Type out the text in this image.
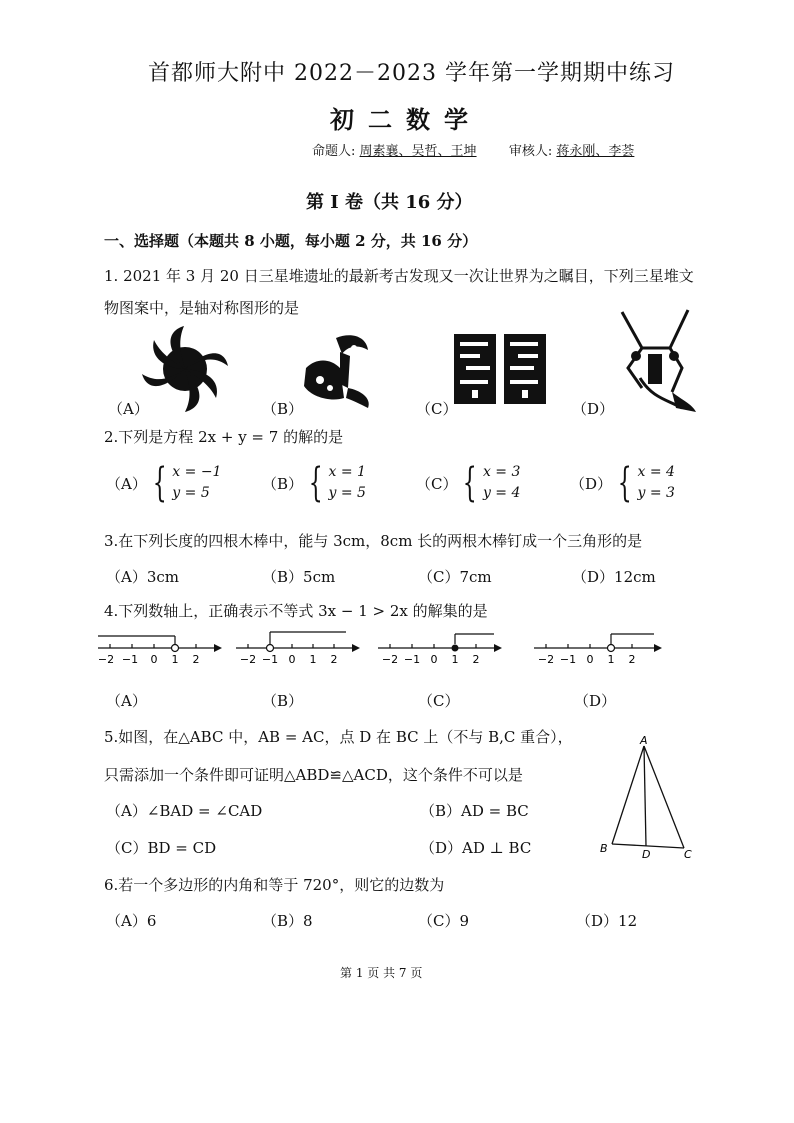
首都师大附中 2022－2023 学年第一学期期中练习
初二数学
命题人: 周素襄、吴哲、王坤 审核人: 蒋永刚、李荟
第 I 卷（共 16 分）
一、选择题（本题共 8 小题，每小题 2 分，共 16 分）
1. 2021 年 3 月 20 日三星堆遗址的最新考古发现又一次让世界为之瞩目，下列三星堆文
物图案中，是轴对称图形的是
（A）	（B）	（C）	（D）
2.下列是方程 2x + y = 7 的解的是
（A） { x = −1
y = 5
（B） { x = 1
y = 5
（C） { x = 3
y = 4
（D） { x = 4
y = 3
3.在下列长度的四根木棒中，能与 3cm，8cm 长的两根木棒钉成一个三角形的是
（A）3cm	（B）5cm	（C）7cm	（D）12cm
4.下列数轴上，正确表示不等式 3x − 1 > 2x 的解集的是
−2 −1 0 1 2
（A）
−2 −1 0 1 2
（B）
−2 −1 0 1 2
（C）
−2 −1 0 1 2
（D）
5.如图，在△ABC 中，AB = AC，点 D 在 BC 上（不与 B,C 重合），
只需添加一个条件即可证明△ABD≌△ACD，这个条件不可以是
（A）∠BAD = ∠CAD	（B）AD = BC
（C）BD = CD	（D）AD ⊥ BC
A
B	D	C
6.若一个多边形的内角和等于 720°，则它的边数为
（A）6	（B）8	（C）9	（D）12
第 1 页 共 7 页
